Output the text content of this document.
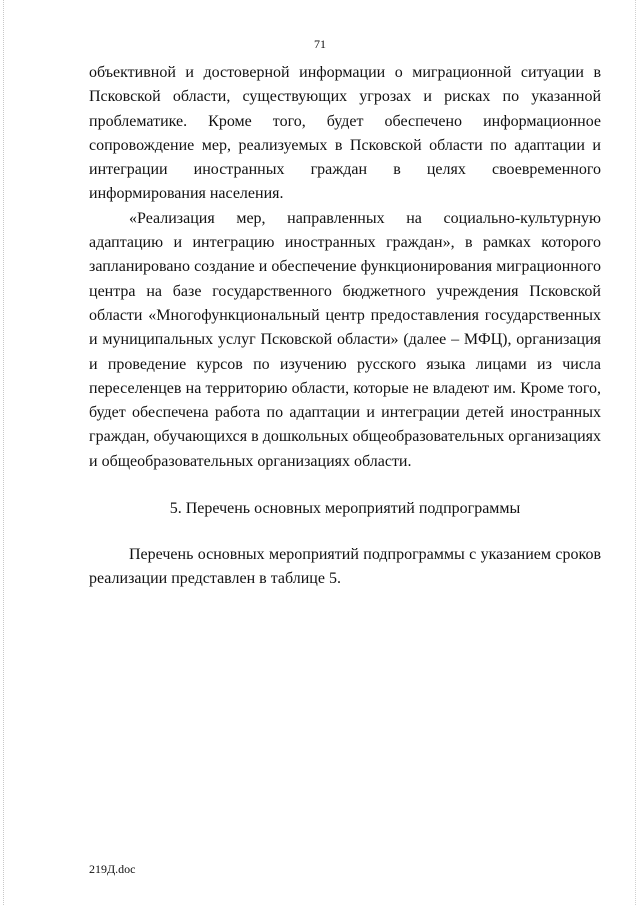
71

объективной и достоверной информации о миграционной ситуации в Псковской области, существующих угрозах и рисках по указанной проблематике. Кроме того, будет обеспечено информационное сопровождение мер, реализуемых в Псковской области по адаптации и интеграции иностранных граждан в целях своевременного информирования населения.

«Реализация мер, направленных на социально-культурную адаптацию и интеграцию иностранных граждан», в рамках которого запланировано создание и обеспечение функционирования миграционного центра на базе государственного бюджетного учреждения Псковской области «Многофункциональный центр предоставления государственных и муниципальных услуг Псковской области» (далее – МФЦ), организация и проведение курсов по изучению русского языка лицами из числа переселенцев на территорию области, которые не владеют им. Кроме того, будет обеспечена работа по адаптации и интеграции детей иностранных граждан, обучающихся в дошкольных общеобразовательных организациях и общеобразовательных организациях области.

5. Перечень основных мероприятий подпрограммы

Перечень основных мероприятий подпрограммы с указанием сроков реализации представлен в таблице 5.

219Д.doc
